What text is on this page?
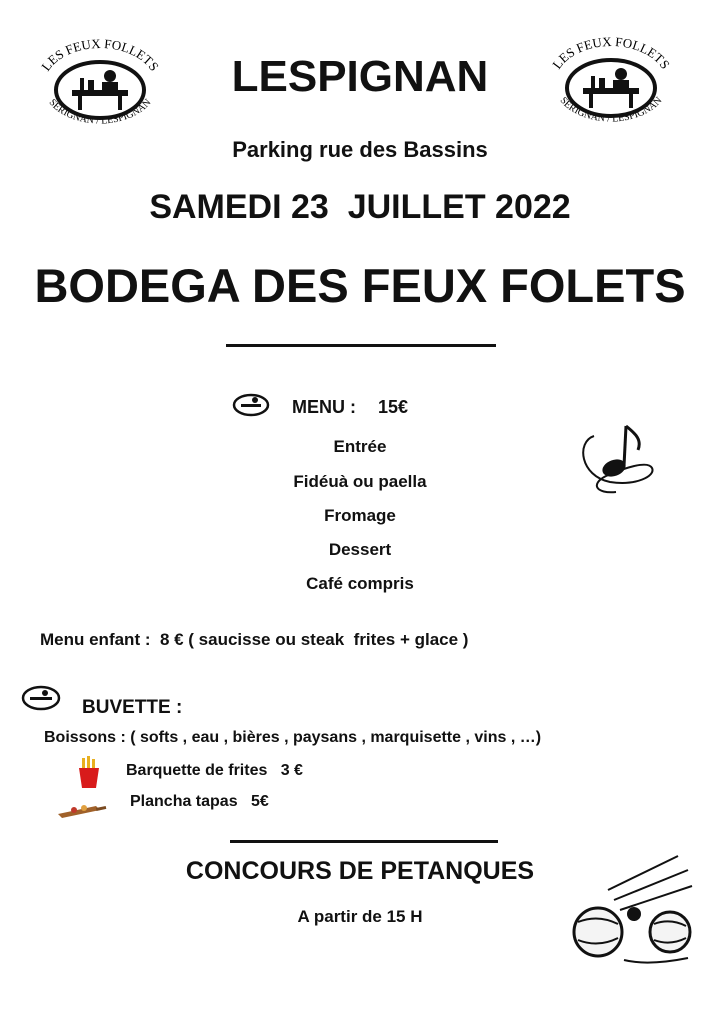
LES FEUX FOLLETS
SERIGNAN / LESPIGNAN
LES FEUX FOLLETS
SERIGNAN / LESPIGNAN
LESPIGNAN
Parking rue des Bassins
SAMEDI 23  JUILLET 2022
BODEGA DES FEUX FOLETS
MENU : 15€
Entrée
Fidéuà ou paella
Fromage
Dessert
Café compris
Menu enfant :  8 € ( saucisse ou steak  frites + glace )
BUVETTE :
Boissons : ( softs , eau , bières , paysans , marquisette , vins , …)
Barquette de frites   3 €
Plancha tapas   5€
CONCOURS DE PETANQUES
A partir de 15 H
